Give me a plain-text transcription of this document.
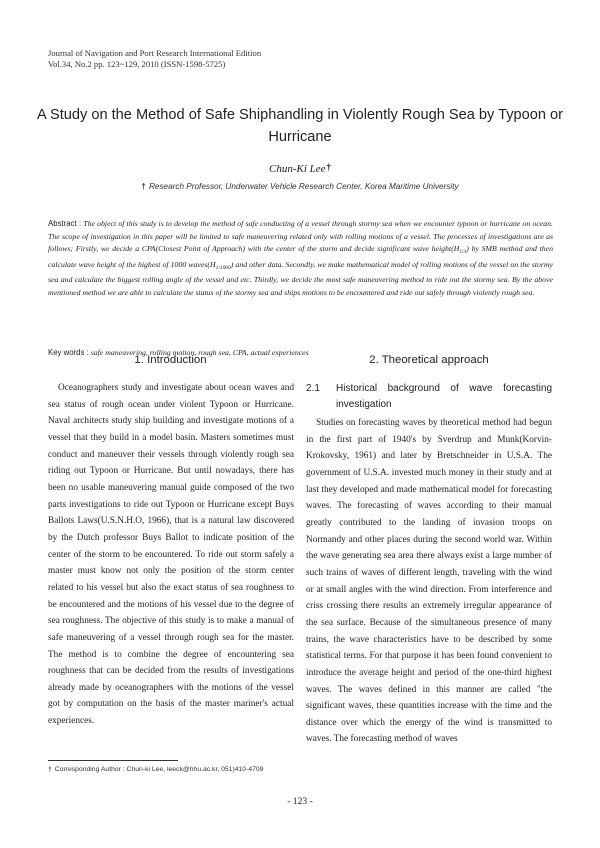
Journal of Navigation and Port Research International Edition
Vol.34, No.2 pp. 123~129, 2010 (ISSN-1598-5725)
A Study on the Method of Safe Shiphandling in Violently Rough Sea by Typoon or
Hurricane
Chun-Ki Lee†
† Research Professor, Underwater Vehicle Research Center, Korea Maritime University
Abstract : The object of this study is to develop the method of safe conducting of a vessel through stormy sea when we encounter typoon or hurricane on ocean. The scope of investigation in this paper will be limited to safe maneuvering related only with rolling motions of a vessel. The processes of investigations are as follows; Firstly, we decide a CPA(Closest Point of Approach) with the center of the storm and decide significant wave $height(H_{1/3})$ by SMB method and then calculate wave height of the highest of 1000 $waves(H_{1/1000})$ and other data. Secondly, we make mathematical model of rolling motions of the vessel on the stormy sea and calculate the biggest rolling angle of the vessel and etc. Thirdly, we decide the most safe maneuvering method to ride out the stormy sea. By the above mentioned method we are able to calculate the status of the stormy sea and ships motions to be encountered and ride out safely through violently rough sea.
Key words : safe maneuvering, rolling motion, rough sea, CPA, actual experiences
1. Introduction	2. Theoretical approach

Oceanographers study and investigate about ocean waves and sea status of rough ocean under violent Typoon or Hurricane. Naval architects study ship building and investigate motions of a vessel that they build in a model basin. Masters sometimes must conduct and maneuver their vessels through violently rough sea riding out Typoon or Hurricane. But until nowadays, there has been no usable maneuvering manual guide composed of the two parts investigations to ride out Typoon or Hurricane except Buys Ballots Laws(U.S.N.H.O, 1966), that is a natural law discovered by the Dutch professor Buys Ballot to indicate position of the center of the storm to be encountered. To ride out storm safely a master must know not only the position of the storm center related to his vessel but also the exact status of sea roughness to be encountered and the motions of his vessel due to the degree of sea roughness. The objective of this study is to make a manual of safe maneuvering of a vessel through rough sea for the master. The method is to combine the degree of encountering sea roughness that can be decided from the results of investigations already made by oceanographers with the motions of the vessel got by computation on the basis of the master mariner's actual experiences.

2.1	Historical background of wave forecasting investigation

Studies on forecasting waves by theoretical method had begun in the first part of 1940's by Sverdrup and Munk(Korvin-Krokovsky, 1961) and later by Bretschneider in U.S.A. The government of U.S.A. invested much money in their study and at last they developed and made mathematical model for forecasting waves. The forecasting of waves according to their manual greatly contributed to the landing of invasion troops on Normandy and other places during the second world war. Within the wave generating sea area there always exist a large number of such trains of waves of different length, traveling with the wind or at small angles with the wind direction. From interference and criss crossing there results an extremely irregular appearance of the sea surface. Because of the simultaneous presence of many trains, the wave characteristics have to be described by some statistical terms. For that purpose it has been found convenient to introduce the average height and period of the one-third highest waves. The waves defined in this manner are called "the significant waves, these quantities increase with the time and the distance over which the energy of the wind is transmitted to waves. The forecasting method of waves

† Corresponding Author : Chun-ki Lee, leeck@hhu.ac.kr, 051)410-4709
- 123 -
